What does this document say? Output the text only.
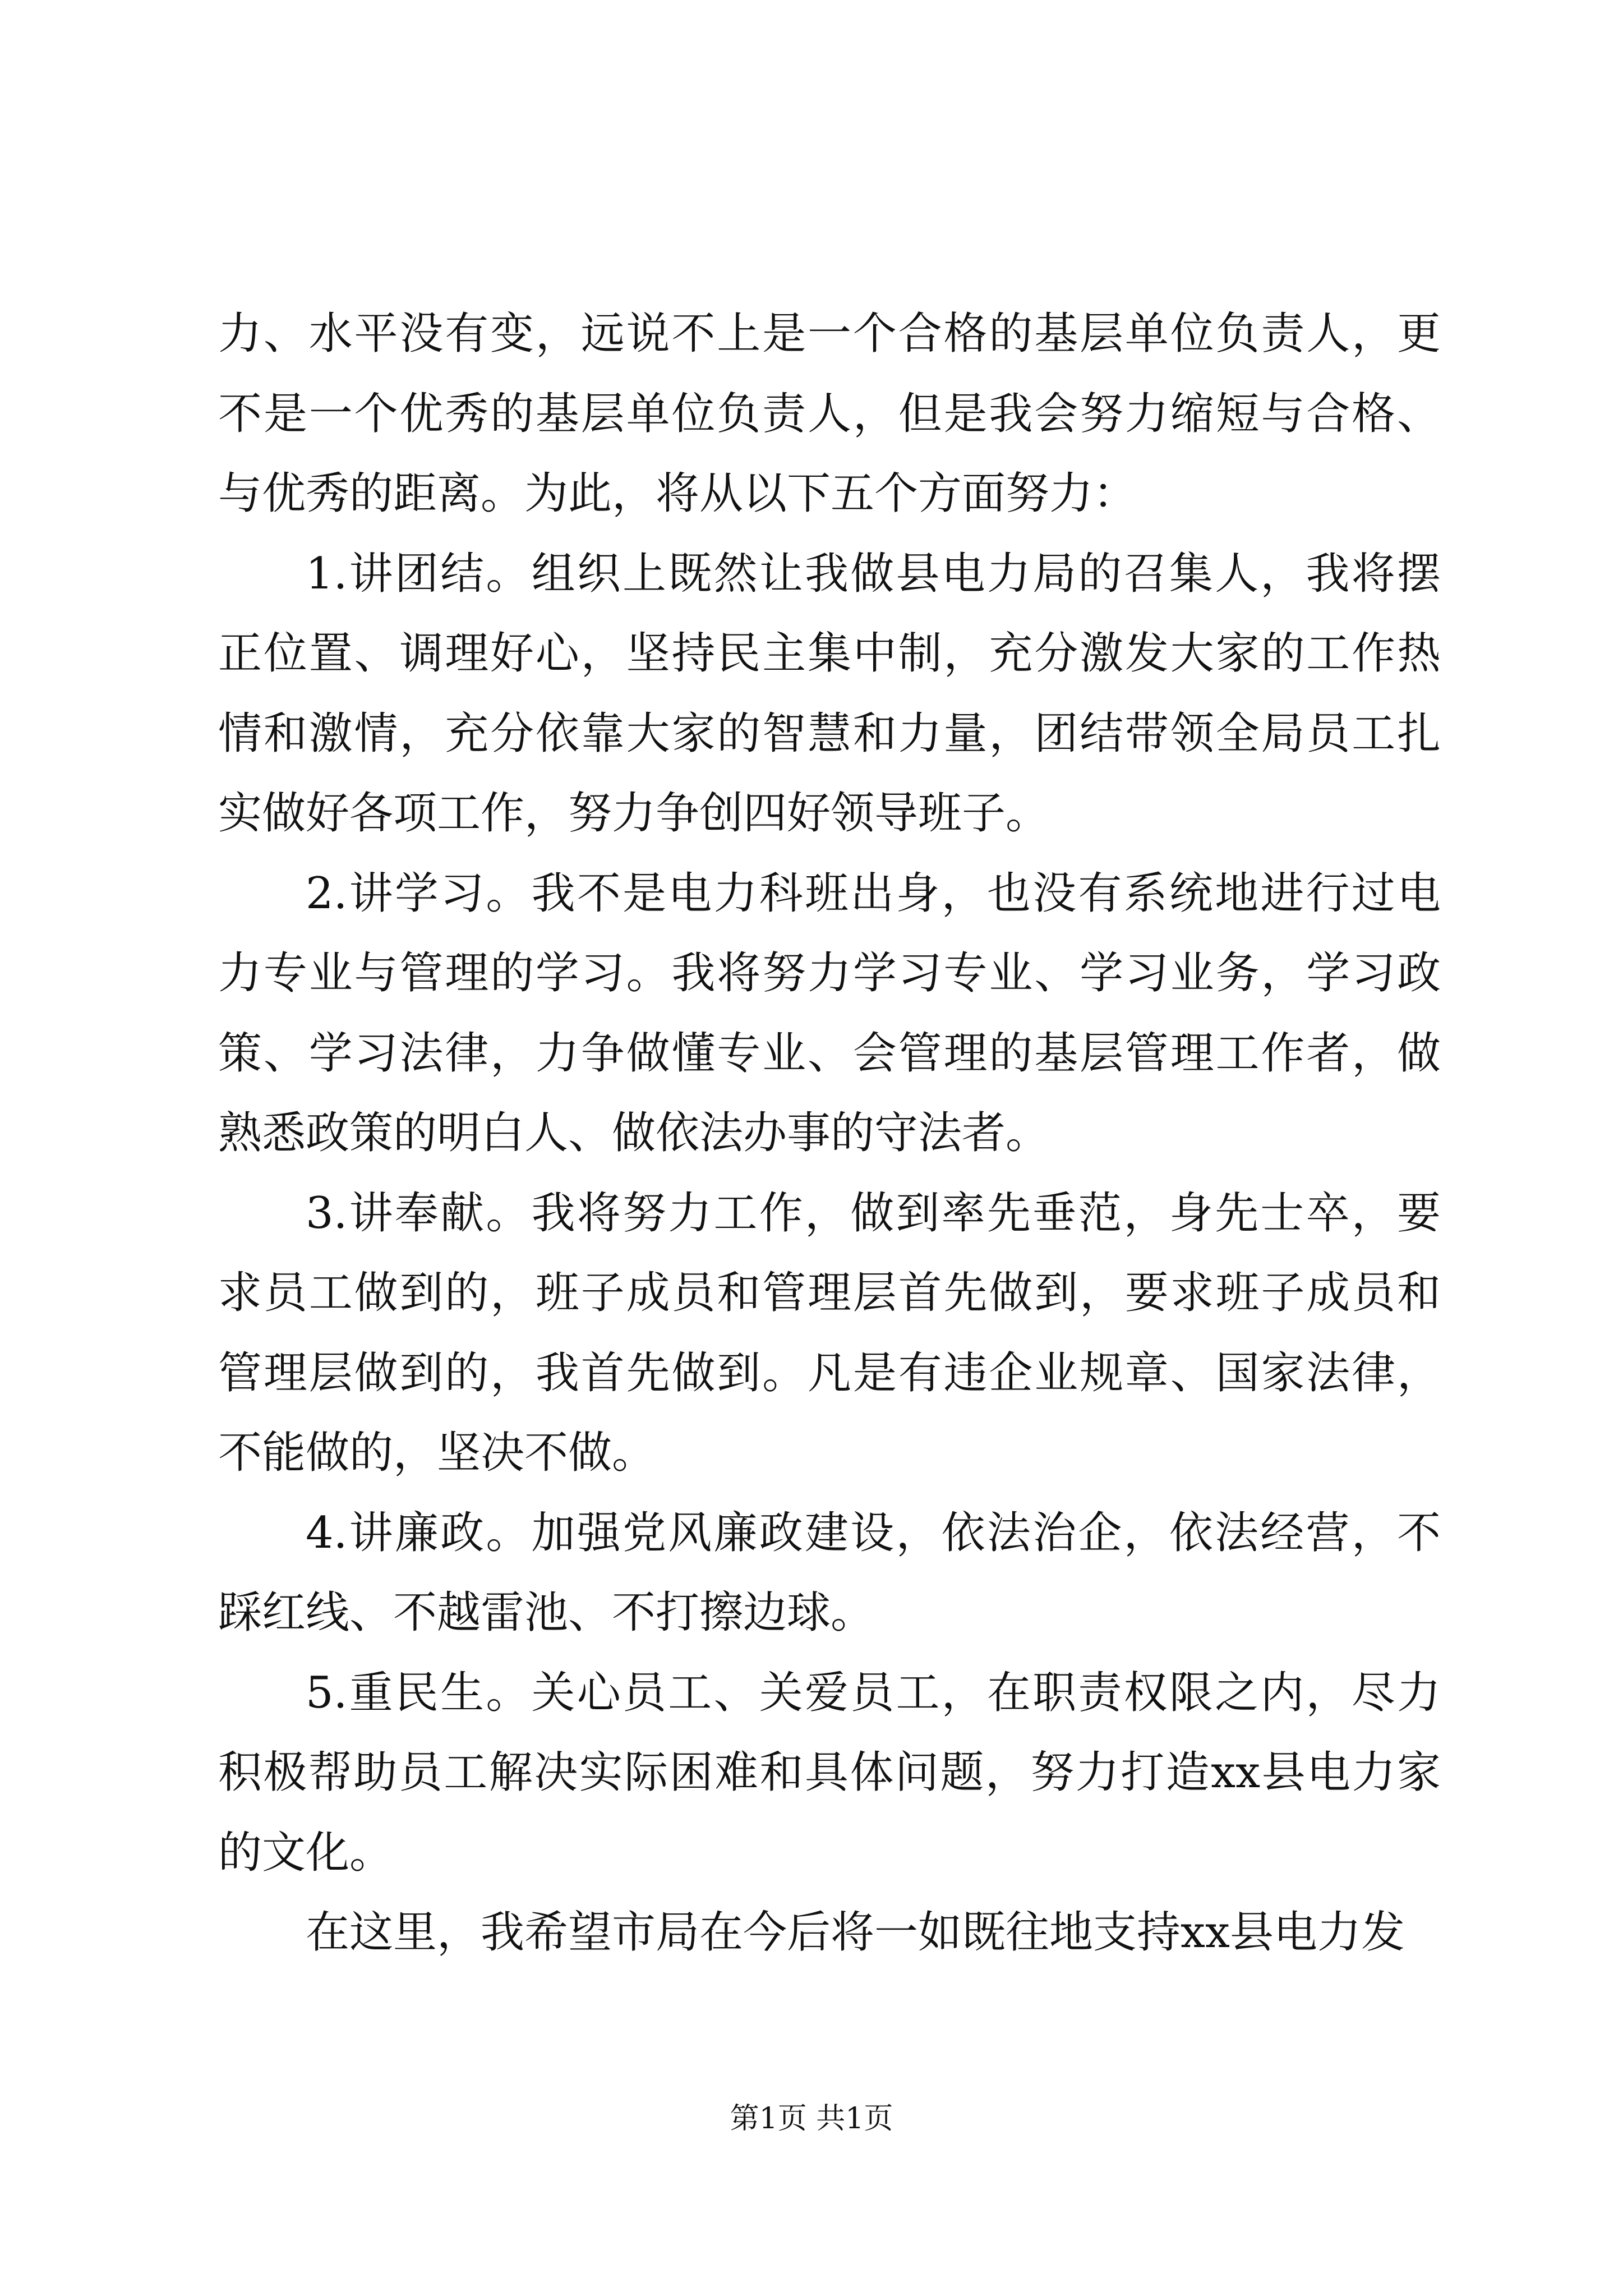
力、水平没有变，远说不上是一个合格的基层单位负责人，更不是一个优秀的基层单位负责人，但是我会努力缩短与合格、与优秀的距离。为此，将从以下五个方面努力：

1.讲团结。组织上既然让我做县电力局的召集人，我将摆正位置、调理好心，坚持民主集中制，充分激发大家的工作热情和激情，充分依靠大家的智慧和力量，团结带领全局员工扎实做好各项工作，努力争创四好领导班子。

2.讲学习。我不是电力科班出身，也没有系统地进行过电力专业与管理的学习。我将努力学习专业、学习业务，学习政策、学习法律，力争做懂专业、会管理的基层管理工作者，做熟悉政策的明白人、做依法办事的守法者。

3.讲奉献。我将努力工作，做到率先垂范，身先士卒，要求员工做到的，班子成员和管理层首先做到，要求班子成员和管理层做到的，我首先做到。凡是有违企业规章、国家法律，不能做的，坚决不做。

4.讲廉政。加强党风廉政建设，依法治企，依法经营，不踩红线、不越雷池、不打擦边球。

5.重民生。关心员工、关爱员工，在职责权限之内，尽力积极帮助员工解决实际困难和具体问题，努力打造xx县电力家的文化。

在这里，我希望市局在今后将一如既往地支持xx县电力发

第1页 共1页
